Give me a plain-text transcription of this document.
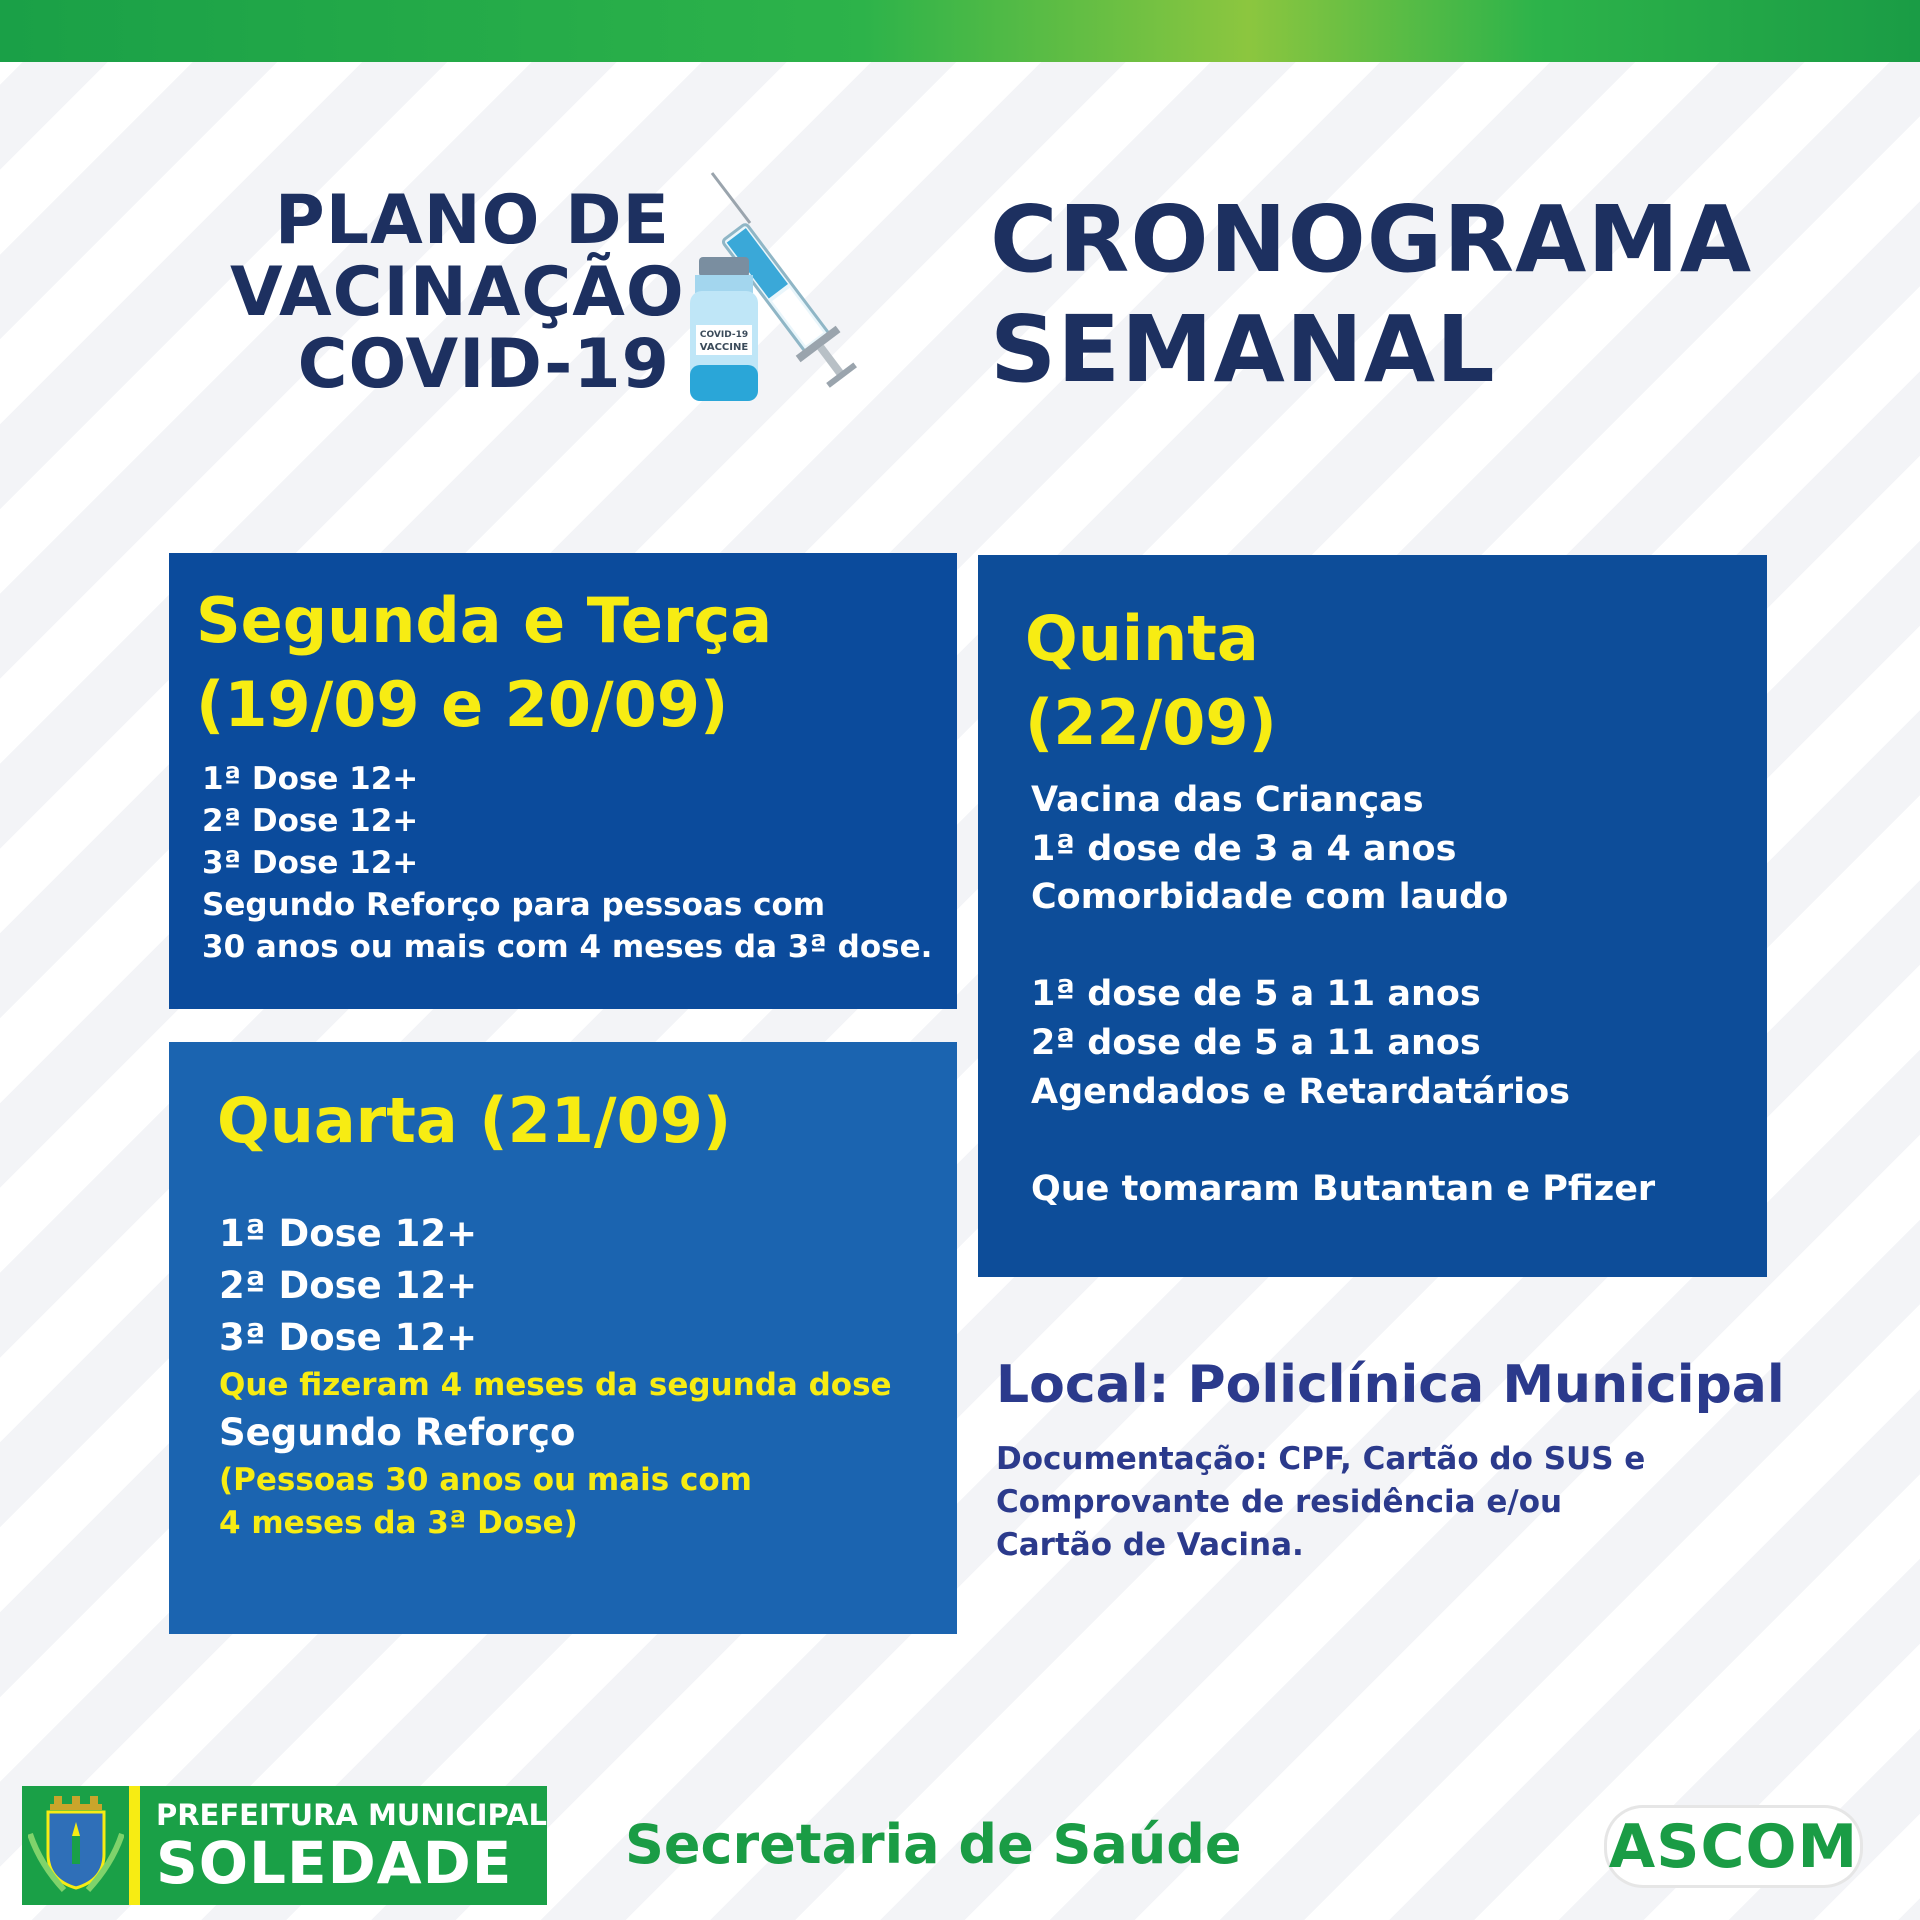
PLANO DE
VACINAÇÃO
COVID-19	COVID-19
VACCINE
CRONOGRAMA
SEMANAL
Segunda e Terça
(19/09 e 20/09)
1ª Dose 12+
2ª Dose 12+
3ª Dose 12+
Segundo Reforço para pessoas com
30 anos ou mais com 4 meses da 3ª dose.
Quarta (21/09)
1ª Dose 12+
2ª Dose 12+
3ª Dose 12+
Que fizeram 4 meses da segunda dose
Segundo Reforço
(Pessoas 30 anos ou mais com
4 meses da 3ª Dose)
Quinta
(22/09)
Vacina das Crianças
1ª dose de 3 a 4 anos
Comorbidade com laudo

1ª dose de 5 a 11 anos
2ª dose de 5 a 11 anos
Agendados e Retardatários

Que tomaram Butantan e Pfizer
Local: Policlínica Municipal
Documentação: CPF, Cartão do SUS e
Comprovante de residência e/ou
Cartão de Vacina.
PREFEITURA MUNICIPAL
SOLEDADE	Secretaria de Saúde	ASCOM
